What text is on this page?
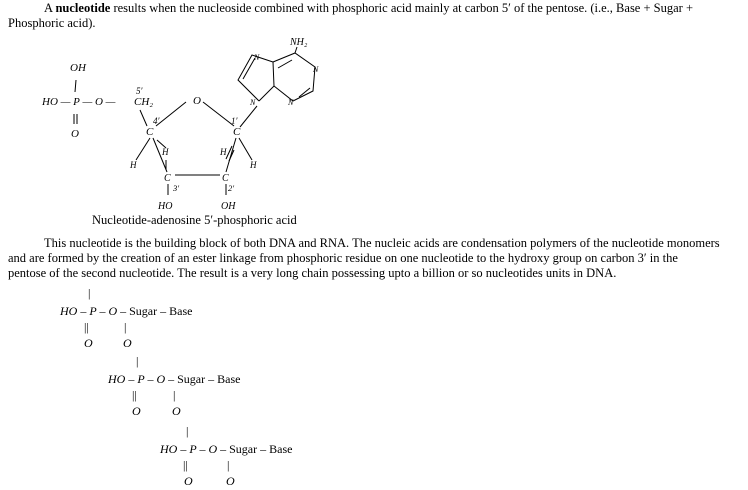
A nucleotide results when the nucleoside combined with phosphoric acid mainly at carbon 5′ of the pentose. (i.e., Base + Sugar +
Phosphoric acid).
OH
HO — P — O —
O
5′
CH₂	O
4′	1′
C	C
H
H
H
H
C	C
3′	2′
HO	OH
NH₂
N
N
N
N
Nucleotide-adenosine 5′-phosphoric acid
This nucleotide is the building block of both DNA and RNA. The nucleic acids are condensation polymers of the nucleotide monomers
and are formed by the creation of an ester linkage from phosphoric residue on one nucleotide to the hydroxy group on carbon 3′ in the
pentose of the second nucleotide. The result is a very long chain possessing upto a billion or so nucleotides units in DNA.
|
HO – P – O – Sugar – Base
||	|
O	O
|
HO – P – O – Sugar – Base
||	|
O	O
|
HO – P – O – Sugar – Base
||	|
O	O
